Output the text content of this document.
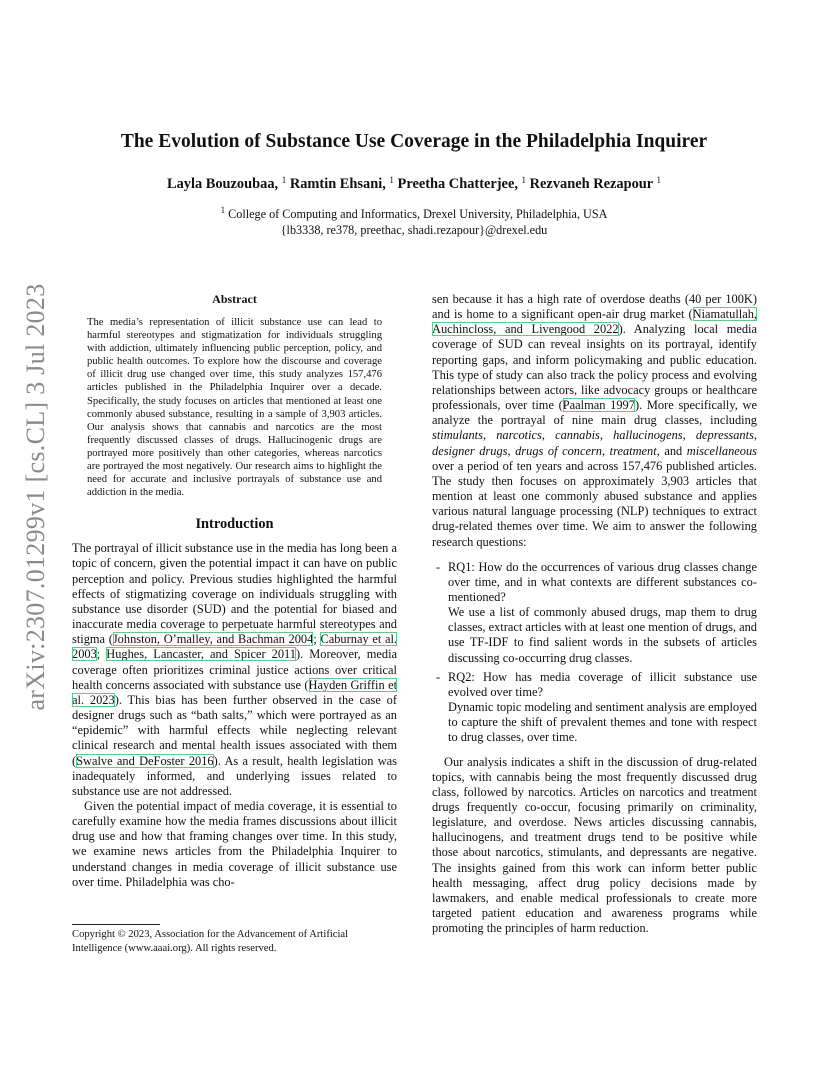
arXiv:2307.01299v1 [cs.CL] 3 Jul 2023
The Evolution of Substance Use Coverage in the Philadelphia Inquirer
Layla Bouzoubaa, $^1$ Ramtin Ehsani, $^1$ Preetha Chatterjee, $^1$ Rezvaneh Rezapour $^1$
$^1$ College of Computing and Informatics, Drexel University, Philadelphia, USA
{lb3338, re378, preethac, shadi.rezapour}@drexel.edu
Abstract
The media’s representation of illicit substance use can lead to harmful stereotypes and stigmatization for individuals struggling with addiction, ultimately influencing public perception, policy, and public health outcomes. To explore how the discourse and coverage of illicit drug use changed over time, this study analyzes 157,476 articles published in the Philadelphia Inquirer over a decade. Specifically, the study focuses on articles that mentioned at least one commonly abused substance, resulting in a sample of 3,903 articles. Our analysis shows that cannabis and narcotics are the most frequently discussed classes of drugs. Hallucinogenic drugs are portrayed more positively than other categories, whereas narcotics are portrayed the most negatively. Our research aims to highlight the need for accurate and inclusive portrayals of substance use and addiction in the media.
Introduction

The portrayal of illicit substance use in the media has long been a topic of concern, given the potential impact it can have on public perception and policy. Previous studies highlighted the harmful effects of stigmatizing coverage on individuals struggling with substance use disorder (SUD) and the potential for biased and inaccurate media coverage to perpetuate harmful stereotypes and stigma (Johnston, O’malley, and Bachman 2004; Caburnay et al. 2003; Hughes, Lancaster, and Spicer 2011). Moreover, media coverage often prioritizes criminal justice actions over critical health concerns associated with substance use (Hayden Griffin et al. 2023). This bias has been further observed in the case of designer drugs such as “bath salts,” which were portrayed as an “epidemic” with harmful effects while neglecting relevant clinical research and mental health issues associated with them (Swalve and DeFoster 2016). As a result, health legislation was inadequately informed, and underlying issues related to substance use are not addressed.

Given the potential impact of media coverage, it is essential to carefully examine how the media frames discussions about illicit drug use and how that framing changes over time. In this study, we examine news articles from the Philadelphia Inquirer to understand changes in media coverage of illicit substance use over time. Philadelphia was cho-

Copyright © 2023, Association for the Advancement of Artificial Intelligence (www.aaai.org). All rights reserved.

sen because it has a high rate of overdose deaths (40 per 100K) and is home to a significant open-air drug market (Niamatullah, Auchincloss, and Livengood 2022). Analyzing local media coverage of SUD can reveal insights on its portrayal, identify reporting gaps, and inform policymaking and public education. This type of study can also track the policy process and evolving relationships between actors, like advocacy groups or healthcare professionals, over time (Paalman 1997). More specifically, we analyze the portrayal of nine main drug classes, including stimulants, narcotics, cannabis, hallucinogens, depressants, designer drugs, drugs of concern, treatment, and miscellaneous over a period of ten years and across 157,476 published articles. The study then focuses on approximately 3,903 articles that mention at least one commonly abused substance and applies various natural language processing (NLP) techniques to extract drug-related themes over time. We aim to answer the following research questions:

- RQ1: How do the occurrences of various drug classes change over time, and in what contexts are different substances co-mentioned?
We use a list of commonly abused drugs, map them to drug classes, extract articles with at least one mention of drugs, and use TF-IDF to find salient words in the subsets of articles discussing co-occurring drug classes.
- RQ2: How has media coverage of illicit substance use evolved over time?
Dynamic topic modeling and sentiment analysis are employed to capture the shift of prevalent themes and tone with respect to drug classes, over time.

Our analysis indicates a shift in the discussion of drug-related topics, with cannabis being the most frequently discussed drug class, followed by narcotics. Articles on narcotics and treatment drugs frequently co-occur, focusing primarily on criminality, legislature, and overdose. News articles discussing cannabis, hallucinogens, and treatment drugs tend to be positive while those about narcotics, stimulants, and depressants are negative. The insights gained from this work can inform better public health messaging, affect drug policy decisions made by lawmakers, and enable medical professionals to create more targeted patient education and awareness programs while promoting the principles of harm reduction.
